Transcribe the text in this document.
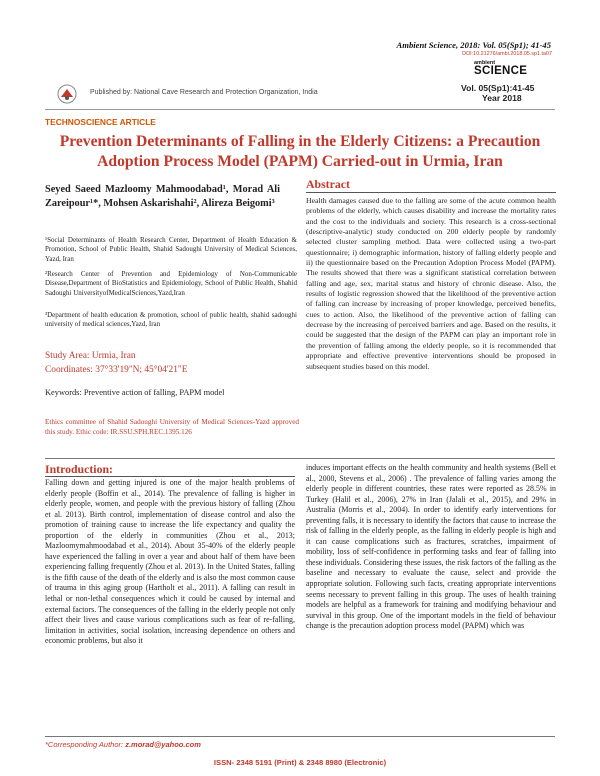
Ambient Science, 2018: Vol. 05(Sp1); 41-45
DOI:10.21276/ambi.2018.05.sp1.ta07
ambient
SCIENCE
Vol. 05(Sp1):41-45
Year 2018
Published by: National Cave Research and Protection Organization, India
TECHNOSCIENCE ARTICLE
Prevention Determinants of Falling in the Elderly Citizens: a Precaution Adoption Process Model (PAPM) Carried-out in Urmia, Iran
Seyed Saeed Mazloomy Mahmoodabad¹, Morad Ali Zareipour¹*, Mohsen Askarishahi², Alireza Beigomi³
¹Social Determinants of Health Research Center, Department of Health Education & Promotion, School of Public Health, Shahid Sadoughi University of Medical Sciences, Yazd, Iran
²Research Center of Prevention and Epidemiology of Non-Communicable Disease,Department of BioStatistics and Epidemiology, School of Public Health, Shahid Sadoughi UniversityofMedicalSciences,Yazd,Iran
³Department of health education & promotion, school of public health, shahid sadoughi university of medical sciences,Yazd, Iran
Study Area: Urmia, Iran
Coordinates: 37°33'19"N; 45°04'21"E
Keywords: Preventive action of falling, PAPM model
Ethics committee of Shahid Sadoughi University of Medical Sciences-Yazd approved this study. Ethic code: IR.SSU.SPH.REC.1395.126
Abstract
Health damages caused due to the falling are some of the acute common health problems of the elderly, which causes disability and increase the mortality rates and the cost to the individuals and society. This research is a cross-sectional (descriptive-analytic) study conducted on 200 elderly people by randomly selected cluster sampling method. Data were collected using a two-part questionnaire; i) demographic information, history of falling elderly people and ii) the questionnaire based on the Precaution Adoption Process Model (PAPM). The results showed that there was a significant statistical correlation between falling and age, sex, marital status and history of chronic disease. Also, the results of logistic regression showed that the likelihood of the preventive action of falling can increase by increasing of proper knowledge, perceived benefits, cues to action. Also, the likelihood of the preventive action of falling can decrease by the increasing of perceived barriers and age. Based on the results, it could be suggested that the design of the PAPM can play an important role in the prevention of falling among the elderly people, so it is recommended that appropriate and effective preventive interventions should be proposed in subsequent studies based on this model.
Introduction:
Falling down and getting injured is one of the major health problems of elderly people (Boffin et al., 2014). The prevalence of falling is higher in elderly people, women, and people with the previous history of falling (Zhou et al. 2013). Birth control, implementation of disease control and also the promotion of training cause to increase the life expectancy and quality the proportion of the elderly in communities (Zhou et al., 2013; Mazloomymahmoodabad et al., 2014). About 35-40% of the elderly people have experienced the falling in over a year and about half of them have been experiencing falling frequently (Zhou et al. 2013). In the United States, falling is the fifth cause of the death of the elderly and is also the most common cause of trauma in this aging group (Hartholt et al., 2011). A falling can result in lethal or non-lethal consequences which it could be caused by internal and external factors. The consequences of the falling in the elderly people not only affect their lives and cause various complications such as fear of re-falling, limitation in activities, social isolation, increasing dependence on others and economic problems, but also it
induces important effects on the health community and health systems (Bell et al., 2000, Stevens et al., 2006) . The prevalence of falling varies among the elderly people in different countries, these rates were reported as 28.5% in Turkey (Halil et al., 2006), 27% in Iran (Jalali et al., 2015), and 29% in Australia (Morris et al., 2004). In order to identify early interventions for preventing falls, it is necessary to identify the factors that cause to increase the risk of falling in the elderly people, as the falling in elderly people is high and it can cause complications such as fractures, scratches, impairment of mobility, loss of self-confidence in performing tasks and fear of falling into these individuals. Considering these issues, the risk factors of the falling as the baseline and necessary to evaluate the cause, select and provide the appropriate solution. Following such facts, creating appropriate interventions seems necessary to prevent falling in this group. The uses of health training models are helpful as a framework for training and modifying behaviour and survival in this group. One of the important models in the field of behaviour change is the precaution adoption process model (PAPM) which was
*Corresponding Author: z.morad@yahoo.com
ISSN- 2348 5191 (Print) & 2348 8980 (Electronic)
